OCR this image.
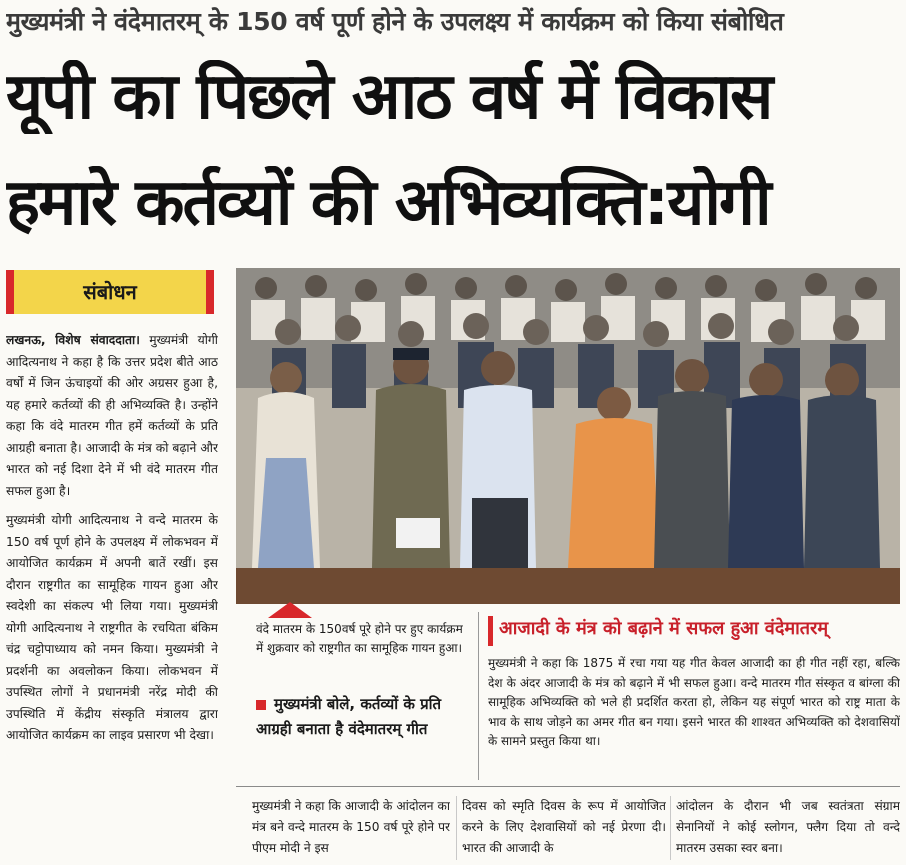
मुख्यमंत्री ने वंदेमातरम् के 150 वर्ष पूर्ण होने के उपलक्ष्य में कार्यक्रम को किया संबोधित
यूपी का पिछले आठ वर्ष में विकास
हमारे कर्तव्यों की अभिव्यक्ति:योगी
संबोधन

लखनऊ, विशेष संवाददाता। मुख्यमंत्री योगी आदित्यनाथ ने कहा है कि उत्तर प्रदेश बीते आठ वर्षों में जिन ऊंचाइयों की ओर अग्रसर हुआ है, यह हमारे कर्तव्यों की ही अभिव्यक्ति है। उन्होंने कहा कि वंदे मातरम गीत हमें कर्तव्यों के प्रति आग्रही बनाता है। आजादी के मंत्र को बढ़ाने और भारत को नई दिशा देने में भी वंदे मातरम गीत सफल हुआ है।

मुख्यमंत्री योगी आदित्यनाथ ने वन्दे मातरम के 150 वर्ष पूर्ण होने के उपलक्ष्य में लोकभवन में आयोजित कार्यक्रम में अपनी बातें रखीं। इस दौरान राष्ट्रगीत का सामूहिक गायन हुआ और स्वदेशी का संकल्प भी लिया गया। मुख्यमंत्री योगी आदित्यनाथ ने राष्ट्रगीत के रचयिता बंकिम चंद्र चट्टोपाध्याय को नमन किया। मुख्यमंत्री ने प्रदर्शनी का अवलोकन किया। लोकभवन में उपस्थित लोगों ने प्रधानमंत्री नरेंद्र मोदी की उपस्थिति में केंद्रीय संस्कृति मंत्रालय द्वारा आयोजित कार्यक्रम का लाइव प्रसारण भी देखा।

वंदे मातरम के 150वर्ष पूरे होने पर हुए कार्यक्रम में शुक्रवार को राष्ट्रगीत का सामूहिक गायन हुआ।
मुख्यमंत्री बोले, कर्तव्यों के प्रति आग्रही बनाता है वंदेमातरम् गीत
आजादी के मंत्र को बढ़ाने में सफल हुआ वंदेमातरम्
मुख्यमंत्री ने कहा कि 1875 में रचा गया यह गीत केवल आजादी का ही गीत नहीं रहा, बल्कि देश के अंदर आजादी के मंत्र को बढ़ाने में भी सफल हुआ। वन्दे मातरम गीत संस्कृत व बांग्ला की सामूहिक अभिव्यक्ति को भले ही प्रदर्शित करता हो, लेकिन यह संपूर्ण भारत को राष्ट्र माता के भाव के साथ जोड़ने का अमर गीत बन गया। इसने भारत की शाश्वत अभिव्यक्ति को देशवासियों के सामने प्रस्तुत किया था।
मुख्यमंत्री ने कहा कि आजादी के आंदोलन का मंत्र बने वन्दे मातरम के 150 वर्ष पूरे होने पर पीएम मोदी ने इस
दिवस को स्मृति दिवस के रूप में आयोजित करने के लिए देशवासियों को नई प्रेरणा दी। भारत की आजादी के
आंदोलन के दौरान भी जब स्वतंत्रता संग्राम सेनानियों ने कोई स्लोगन, फ्लैग दिया तो वन्दे मातरम उसका स्वर बना।
